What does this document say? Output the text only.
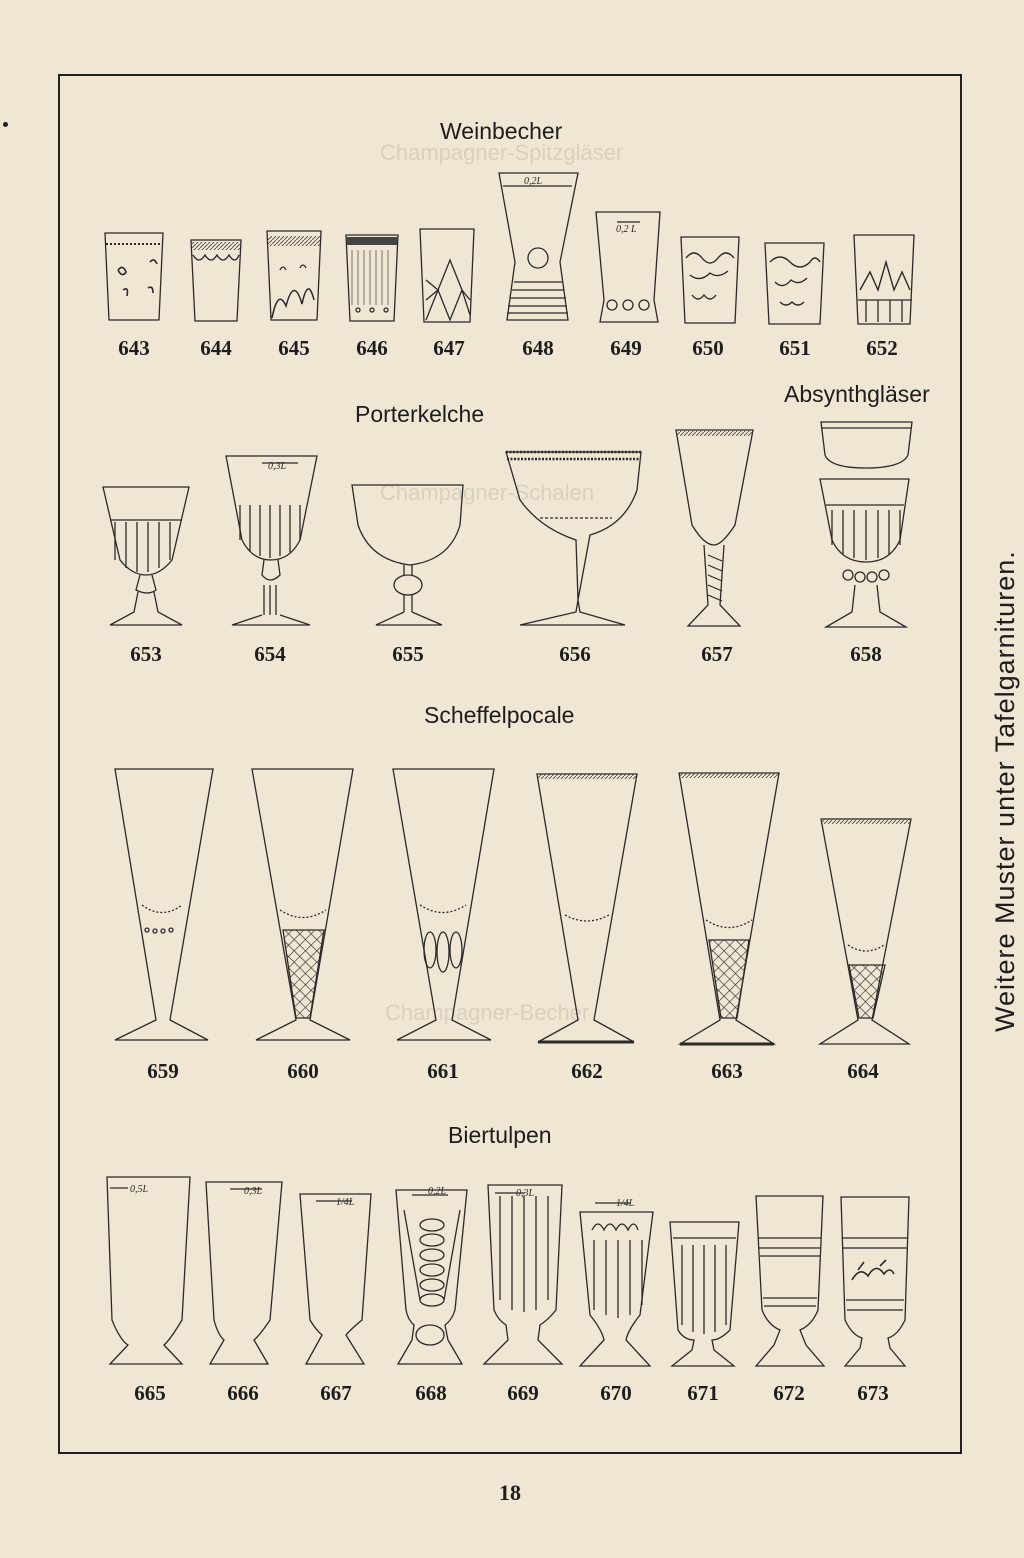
Champagner-Spitzgläser
Champagner-Schalen
Champagner-Becher
Weinbecher
Absynthgläser
Porterkelche
Scheffelpocale
Biertulpen
643 644 645 646 647	648	649 650	651	652
653	654	655	656	657	658
659	660	661	662	663	664
665	666	667	668	669	670	671	672	673
Weitere Muster unter Tafelgarnituren.
18
0,2L
0,2 L
0,3L
0,5L	0,3L
1/4L
0,2L	0,3L
1/4L
